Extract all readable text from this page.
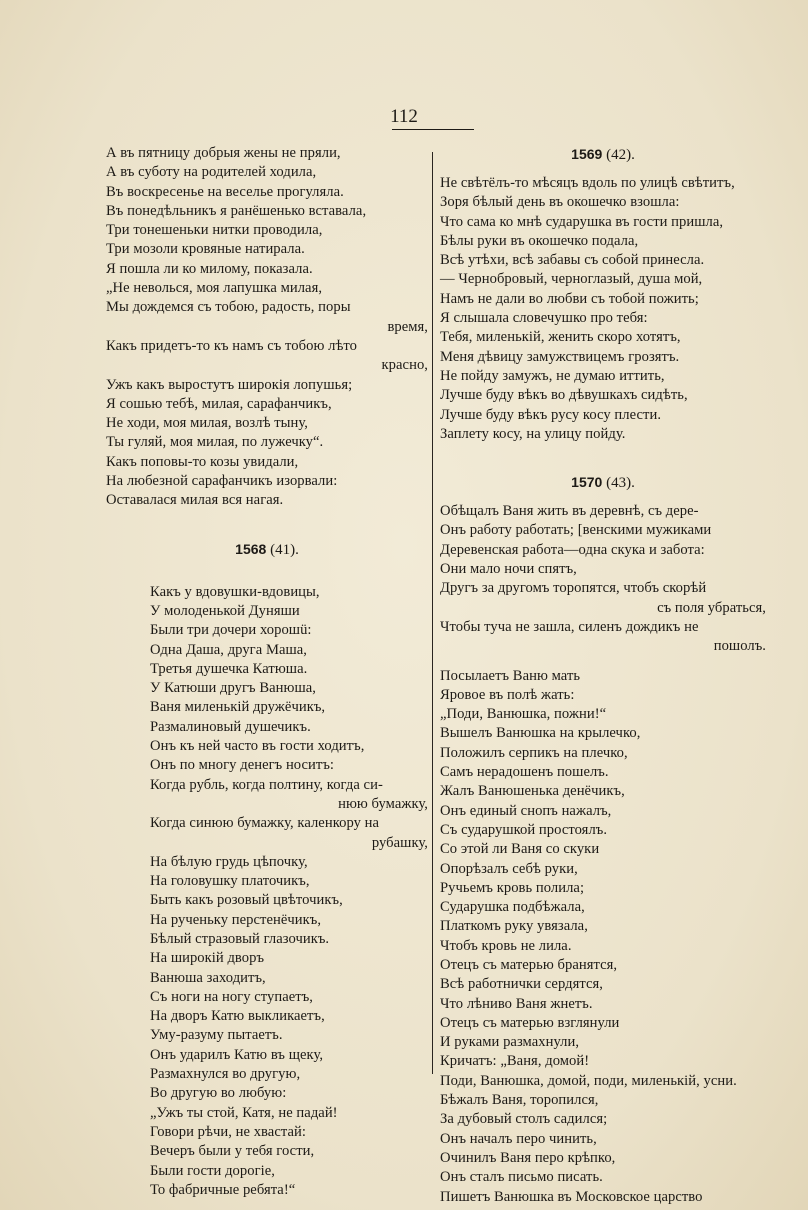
112
А въ пятницу добрыя жены не пряли,
А въ суботу на родителей ходила,
Въ воскресенье на веселье прогуляла.
Въ понедѣльникъ я ранёшенько вставала,
Три тонешеньки нитки проводила,
Три мозоли кровяные натирала.
Я пошла ли ко милому, показала.
„Не неволься, моя лапушка милая,
Мы дождемся съ тобою, радость, поры
время,
Какъ придетъ-то къ намъ съ тобою лѣто
красно,
Ужъ какъ выростутъ широкія лопушья;
Я сошью тебѣ, милая, сарафанчикъ,
Не ходи, моя милая, возлѣ тыну,
Ты гуляй, моя милая, по лужечку“.
Какъ поповы-то козы увидали,
На любезной сарафанчикъ изорвали:
Оставалася милая вся нагая.
1568 (41).
Какъ у вдовушки-вдовицы,
У молоденькой Дуняши
Были три дочери хорошü:
Одна Даша, друга Маша,
Третья душечка Катюша.
У Катюши другъ Ванюша,
Ваня миленькій дружёчикъ,
Размалиновый душечикъ.
Онъ къ ней часто въ гости ходитъ,
Онъ по многу денегъ носитъ:
Когда рубль, когда полтину, когда си-
нюю бумажку,
Когда синюю бумажку, каленкору на
рубашку,
На бѣлую грудь цѣпочку,
На головушку платочикъ,
Быть какъ розовый цвѣточикъ,
На рученьку перстенёчикъ,
Бѣлый стразовый глазочикъ.
На широкій дворъ
Ванюша заходитъ,
Съ ноги на ногу ступаетъ,
На дворъ Катю выкликаетъ,
Уму-разуму пытаетъ.
Онъ ударилъ Катю въ щеку,
Размахнулся во другую,
Во другую во любую:
„Ужъ ты стой, Катя, не падай!
Говори рѣчи, не хвастай:
Вечеръ были у тебя гости,
Были гости дорогіе,
То фабричные ребята!“
1569 (42).
Не свѣтёлъ-то мѣсяцъ вдоль по улицѣ свѣтитъ,
Зоря бѣлый день въ окошечко взошла:
Что сама ко мнѣ сударушка въ гости пришла,
Бѣлы руки въ окошечко подала,
Всѣ утѣхи, всѣ забавы съ собой принесла.
— Чернобровый, черноглазый, душа мой,
Намъ не дали во любви съ тобой пожить;
Я слышала словечушко про тебя:
Тебя, миленькій, женить скоро хотятъ,
Меня дѣвицу замужствицемъ грозятъ.
Не пойду замужъ, не думаю иттить,
Лучше буду вѣкъ во дѣвушкахъ сидѣть,
Лучше буду вѣкъ русу косу плести.
Заплету косу, на улицу пойду.
1570 (43).
Обѣщалъ Ваня жить въ деревнѣ, съ дере-
Онъ работу работать; [венскими мужиками
Деревенская работа—одна скука и забота:
Они мало ночи спятъ,
Другъ за другомъ торопятся, чтобъ скорѣй
съ поля убраться,
Чтобы туча не зашла, силенъ дождикъ не
пошолъ.
Посылаетъ Ваню мать
Яровое въ полѣ жать:
„Поди, Ванюшка, пожни!“
Вышелъ Ванюшка на крылечко,
Положилъ серпикъ на плечко,
Самъ нерадошенъ пошелъ.
Жалъ Ванюшенька денёчикъ,
Онъ единый снопъ нажалъ,
Съ сударушкой простоялъ.
Со этой ли Ваня со скуки
Опорѣзалъ себѣ руки,
Ручьемъ кровь полила;
Сударушка подбѣжала,
Платкомъ руку увязала,
Чтобъ кровь не лила.
Отецъ съ матерью бранятся,
Всѣ работнички сердятся,
Что лѣниво Ваня жнетъ.
Отецъ съ матерью взглянули
И руками размахнули,
Кричатъ: „Ваня, домой!
Поди, Ванюшка, домой, поди, миленькій, усни.
Бѣжалъ Ваня, торопился,
За дубовый столъ садился;
Онъ началъ перо чинить,
Очинилъ Ваня перо крѣпко,
Онъ сталъ письмо писать.
Пишетъ Ванюшка въ Московское царство
